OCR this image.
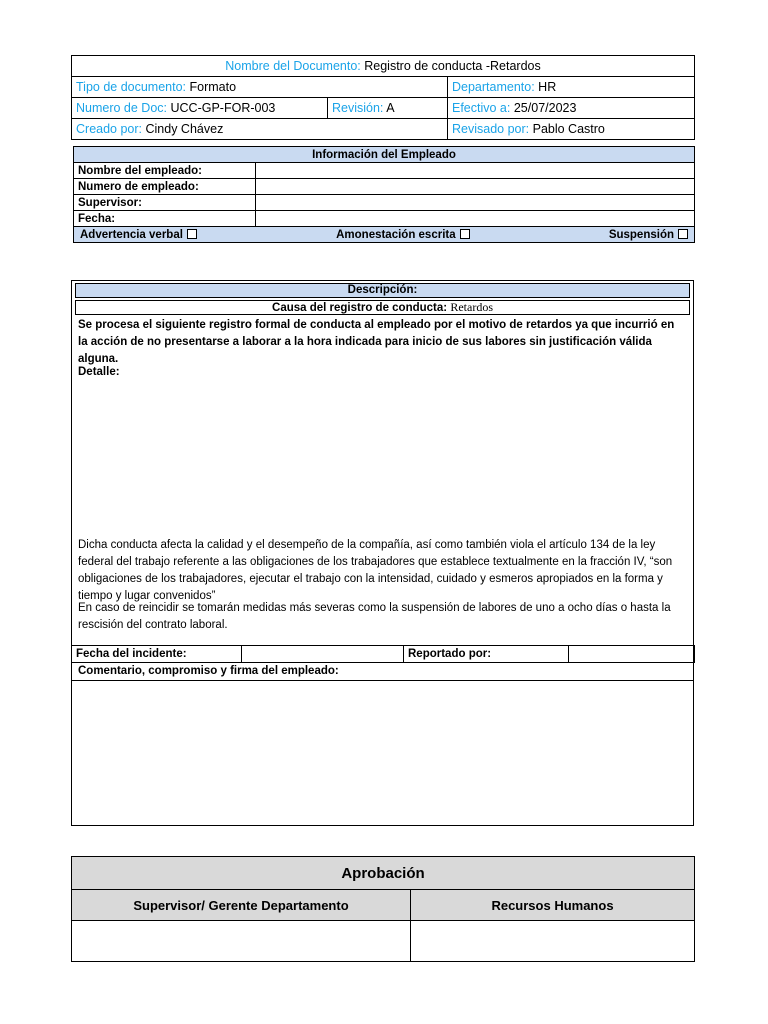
Nombre del Documento: Registro de conducta -Retardos		
Tipo de documento: Formato		Departamento: HR
Numero de Doc: UCC-GP-FOR-003	Revisión: A	Efectivo a: 25/07/2023
Creado por: Cindy Chávez		Revisado por: Pablo Castro
Información del Empleado	
Nombre del empleado:	
Numero de empleado:	
Supervisor:	
Fecha:	

Advertencia verbal Amonestación escrita Suspensión	
Descripción:
Causa del registro de conducta: Retardos
Se procesa el siguiente registro formal de conducta al empleado por el motivo de retardos ya que incurrió en la acción de no presentarse a laborar a la hora indicada para inicio de sus labores sin justificación válida alguna.
Detalle:
Dicha conducta afecta la calidad y el desempeño de la compañía, así como también viola el artículo 134 de la ley federal del trabajo referente a las obligaciones de los trabajadores que establece textualmente en la fracción IV, “son obligaciones de los trabajadores, ejecutar el trabajo con la intensidad, cuidado y esmeros apropiados en la forma y tiempo y lugar convenidos”
En caso de reincidir se tomarán medidas más severas como la suspensión de labores de uno a ocho días o hasta la rescisión del contrato laboral.
Fecha del incidente:		Reportado por:	
Comentario, compromiso y firma del empleado:
Aprobación	
Supervisor/ Gerente Departamento	Recursos Humanos
